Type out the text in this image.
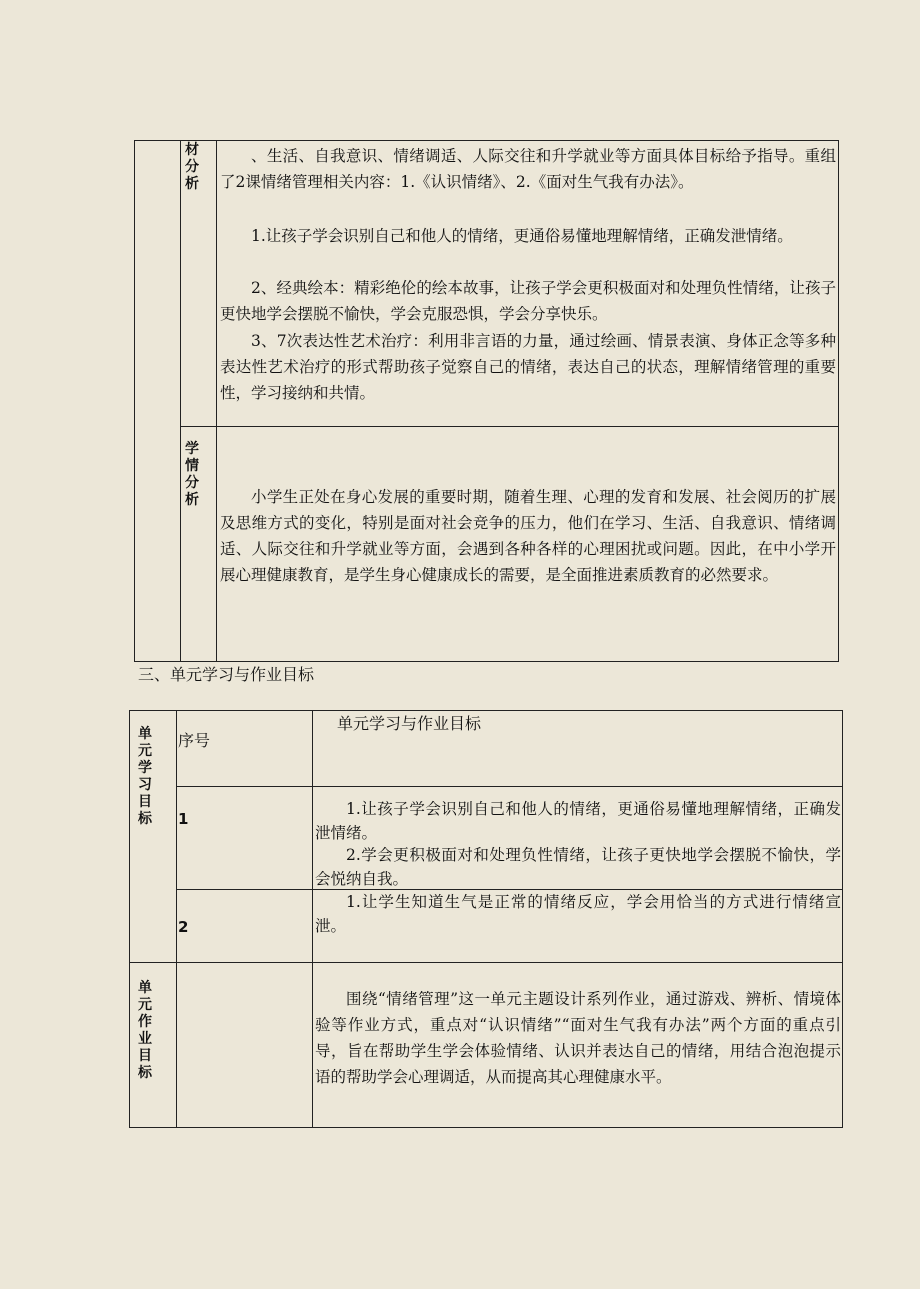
材分析
、生活、自我意识、情绪调适、人际交往和升学就业等方面具体目标给予指导。重组了2课情绪管理相关内容：1.《认识情绪》、2.《面对生气我有办法》。
1.让孩子学会识别自己和他人的情绪，更通俗易懂地理解情绪，正确发泄情绪。
2、经典绘本：精彩绝伦的绘本故事，让孩子学会更积极面对和处理负性情绪，让孩子更快地学会摆脱不愉快，学会克服恐惧，学会分享快乐。
3、7次表达性艺术治疗：利用非言语的力量，通过绘画、情景表演、身体正念等多种表达性艺术治疗的形式帮助孩子觉察自己的情绪，表达自己的状态，理解情绪管理的重要性，学习接纳和共情。
学情分析	小学生正处在身心发展的重要时期，随着生理、心理的发育和发展、社会阅历的扩展及思维方式的变化，特别是面对社会竞争的压力，他们在学习、生活、自我意识、情绪调适、人际交往和升学就业等方面，会遇到各种各样的心理困扰或问题。因此，在中小学开展心理健康教育，是学生身心健康成长的需要，是全面推进素质教育的必然要求。
三、单元学习与作业目标
单元学习目标
序号
单元学习与作业目标
1
1.让孩子学会识别自己和他人的情绪，更通俗易懂地理解情绪，正确发泄情绪。
2.学会更积极面对和处理负性情绪，让孩子更快地学会摆脱不愉快，学会悦纳自我。
2
1.让学生知道生气是正常的情绪反应，学会用恰当的方式进行情绪宣泄。
单元作业目标
围绕“情绪管理”这一单元主题设计系列作业，通过游戏、辨析、情境体验等作业方式，重点对“认识情绪”“面对生气我有办法”两个方面的重点引导，旨在帮助学生学会体验情绪、认识并表达自己的情绪，用结合泡泡提示语的帮助学会心理调适，从而提高其心理健康水平。
